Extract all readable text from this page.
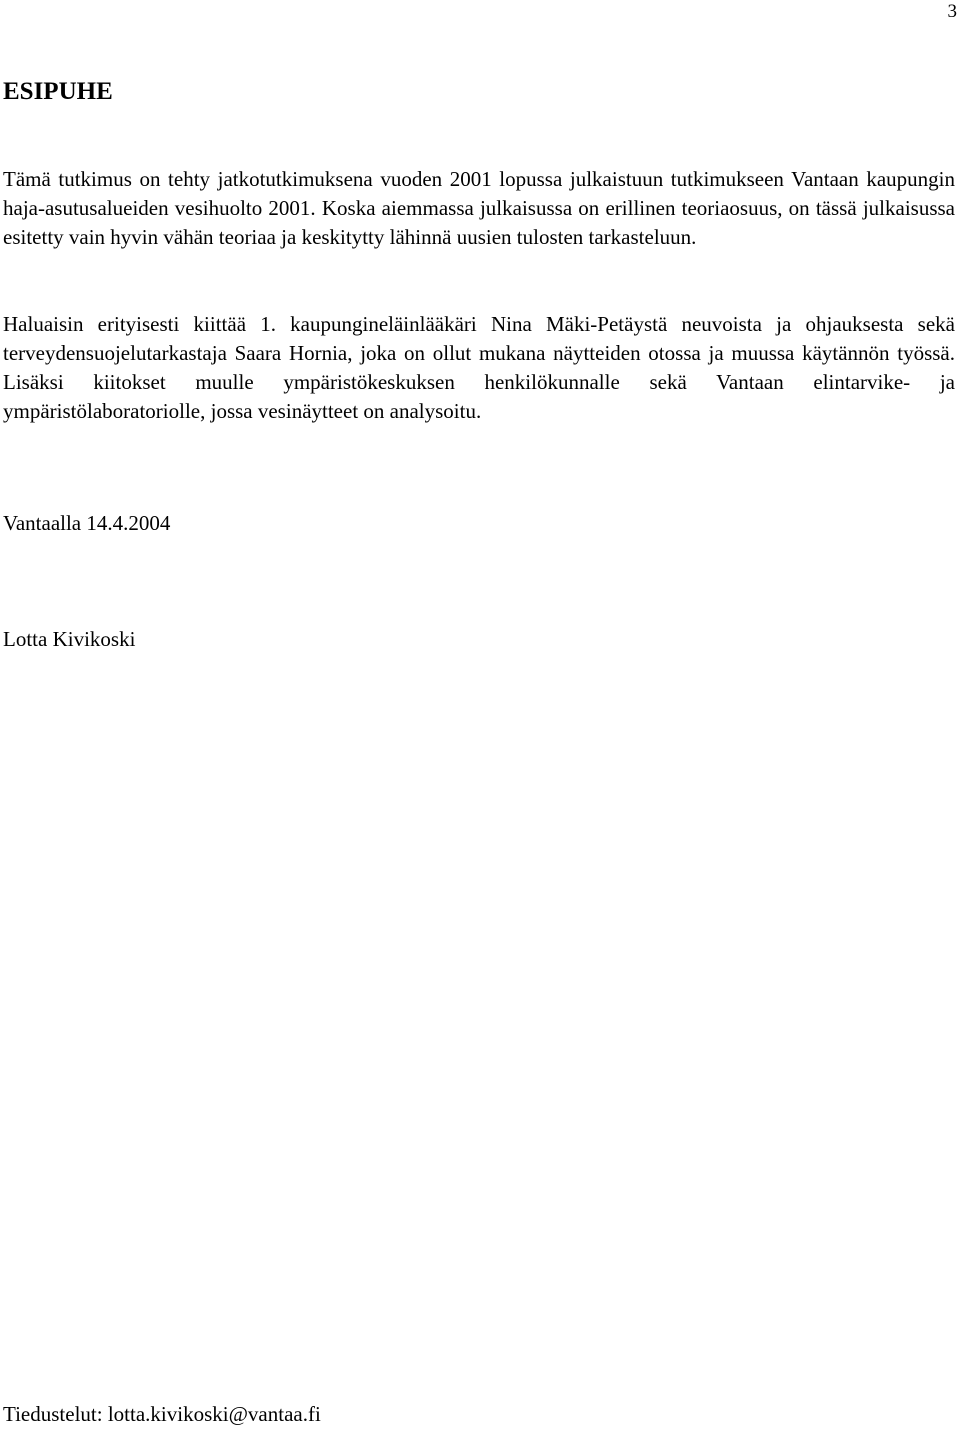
3
ESIPUHE

Tämä tutkimus on tehty jatkotutkimuksena vuoden 2001 lopussa julkaistuun tutkimukseen Vantaan kaupungin haja-asutusalueiden vesihuolto 2001. Koska aiemmassa julkaisussa on erillinen teoriaosuus, on tässä julkaisussa esitetty vain hyvin vähän teoriaa ja keskitytty lähinnä uusien tulosten tarkasteluun.

Haluaisin erityisesti kiittää 1. kaupungineläinlääkäri Nina Mäki-Petäystä neuvoista ja ohjauksesta sekä terveydensuojelutarkastaja Saara Hornia, joka on ollut mukana näytteiden otossa ja muussa käytännön työssä. Lisäksi kiitokset muulle ympäristökeskuksen henkilökunnalle sekä Vantaan elintarvike- ja ympäristölaboratoriolle, jossa vesinäytteet on analysoitu.

Vantaalla 14.4.2004

Lotta Kivikoski

Tiedustelut: lotta.kivikoski@vantaa.fi
